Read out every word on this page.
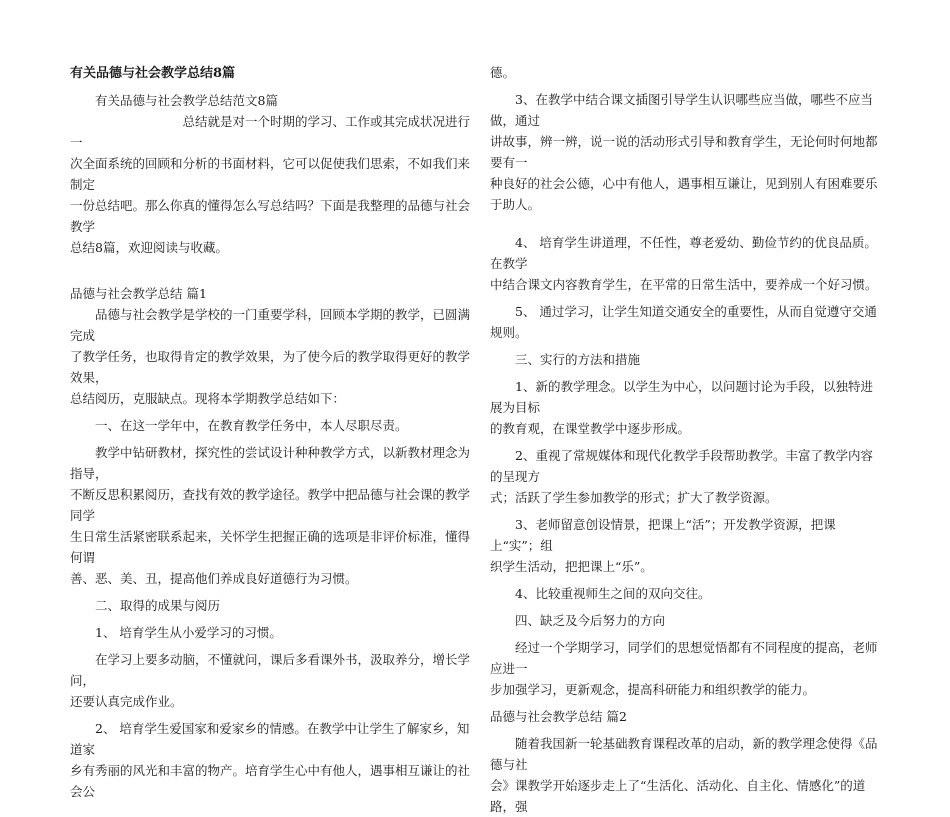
有关品德与社会教学总结8篇

有关品德与社会教学总结范文8篇

总结就是对一个时期的学习、工作或其完成状况进行一

次全面系统的回顾和分析的书面材料，它可以促使我们思索，不如我们来制定

一份总结吧。那么你真的懂得怎么写总结吗？下面是我整理的品德与社会教学

总结8篇，欢迎阅读与收藏。

品德与社会教学总结 篇1

品德与社会教学是学校的一门重要学科，回顾本学期的教学，已圆满完成

了教学任务，也取得肯定的教学效果，为了使今后的教学取得更好的教学效果，

总结阅历，克服缺点。现将本学期教学总结如下：

一、在这一学年中，在教育教学任务中，本人尽职尽责。

教学中钻研教材，探究性的尝试设计种种教学方式，以新教材理念为指导，

不断反思积累阅历，查找有效的教学途径。教学中把品德与社会课的教学同学

生日常生活紧密联系起来，关怀学生把握正确的选项是非评价标准，懂得何谓

善、恶、美、丑，提高他们养成良好道德行为习惯。

二、取得的成果与阅历

1、 培育学生从小爱学习的习惯。

在学习上要多动脑，不懂就问，课后多看课外书，汲取养分，增长学问，

还要认真完成作业。

2、 培育学生爱国家和爱家乡的情感。在教学中让学生了解家乡，知道家

乡有秀丽的风光和丰富的物产。培育学生心中有他人，遇事相互谦让的社会公

德。

3、在教学中结合课文插图引导学生认识哪些应当做，哪些不应当做，通过

讲故事，辨一辨，说一说的活动形式引导和教育学生，无论何时何地都要有一

种良好的社会公德，心中有他人，遇事相互谦让，见到别人有困难要乐于助人。

4、 培育学生讲道理，不任性，尊老爱幼、勤俭节约的优良品质。在教学

中结合课文内容教育学生，在平常的日常生活中，要养成一个好习惯。

5、 通过学习，让学生知道交通安全的重要性，从而自觉遵守交通规则。

三、实行的方法和措施

1、新的教学理念。以学生为中心，以问题讨论为手段，以独特进展为目标

的教育观，在课堂教学中逐步形成。

2、重视了常规媒体和现代化教学手段帮助教学。丰富了教学内容的呈现方

式；活跃了学生参加教学的形式；扩大了教学资源。

3、老师留意创设情景，把课上“活”；开发教学资源，把课上“实”；组

织学生活动，把把课上“乐”。

4、比较重视师生之间的双向交往。

四、缺乏及今后努力的方向

经过一个学期学习，同学们的思想觉悟都有不同程度的提高，老师应进一

步加强学习，更新观念，提高科研能力和组织教学的能力。

品德与社会教学总结 篇2

随着我国新一轮基础教育课程改革的启动，新的教学理念使得《品德与社

会》课教学开始逐步走上了“生活化、活动化、自主化、情感化”的道路，强
